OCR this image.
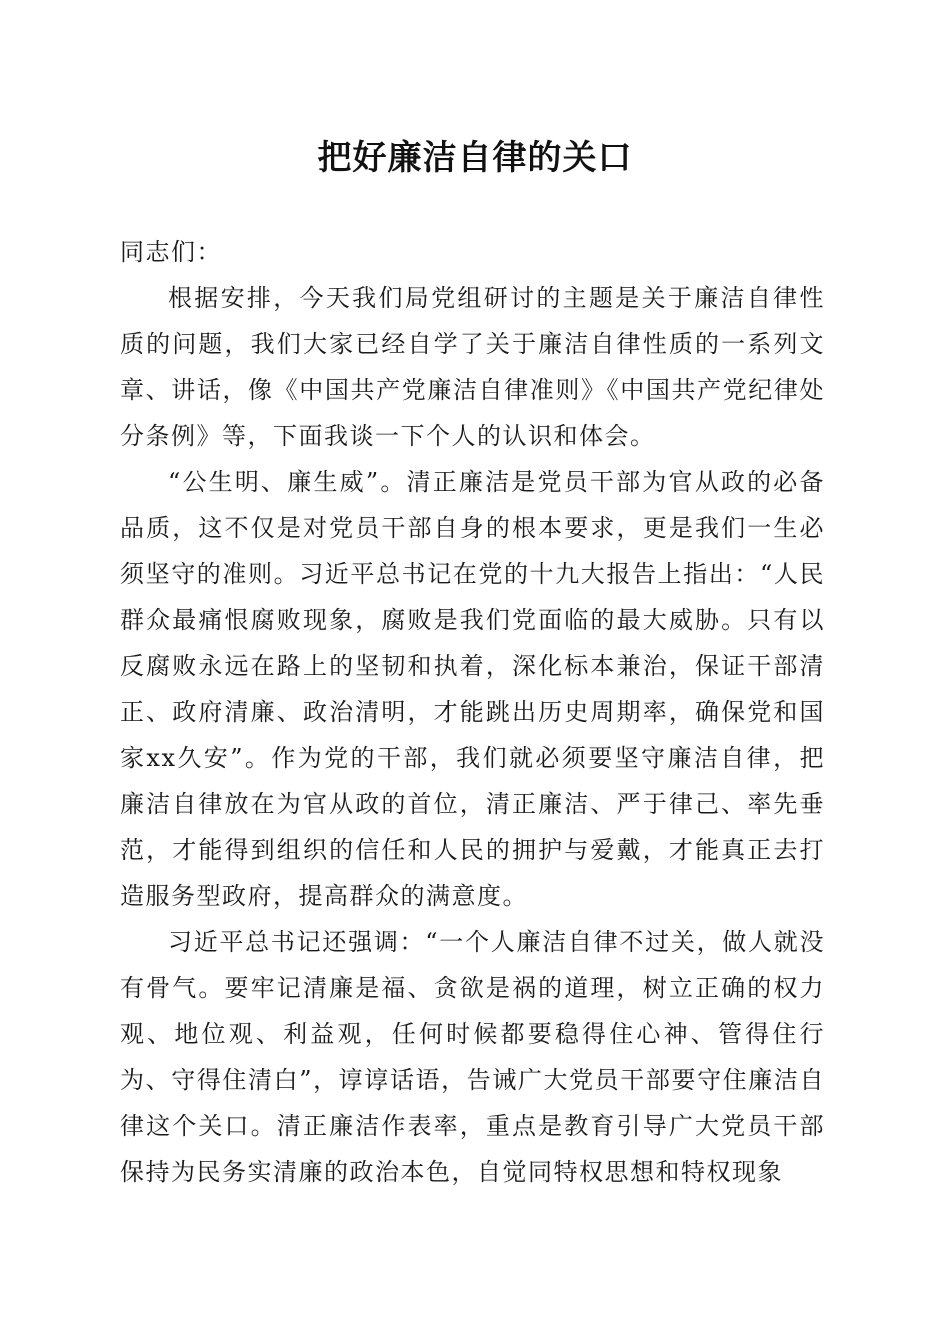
把好廉洁自律的关口

同志们：

根据安排，今天我们局党组研讨的主题是关于廉洁自律性质的问题，我们大家已经自学了关于廉洁自律性质的一系列文章、讲话，像《中国共产党廉洁自律准则》《中国共产党纪律处分条例》等，下面我谈一下个人的认识和体会。

“公生明、廉生威”。清正廉洁是党员干部为官从政的必备品质，这不仅是对党员干部自身的根本要求，更是我们一生必须坚守的准则。习近平总书记在党的十九大报告上指出：“人民群众最痛恨腐败现象，腐败是我们党面临的最大威胁。只有以反腐败永远在路上的坚韧和执着，深化标本兼治，保证干部清正、政府清廉、政治清明，才能跳出历史周期率，确保党和国家xx久安”。作为党的干部，我们就必须要坚守廉洁自律，把廉洁自律放在为官从政的首位，清正廉洁、严于律己、率先垂范，才能得到组织的信任和人民的拥护与爱戴，才能真正去打造服务型政府，提高群众的满意度。

习近平总书记还强调：“一个人廉洁自律不过关，做人就没有骨气。要牢记清廉是福、贪欲是祸的道理，树立正确的权力观、地位观、利益观，任何时候都要稳得住心神、管得住行为、守得住清白”，谆谆话语，告诫广大党员干部要守住廉洁自律这个关口。清正廉洁作表率，重点是教育引导广大党员干部保持为民务实清廉的政治本色，自觉同特权思想和特权现象
